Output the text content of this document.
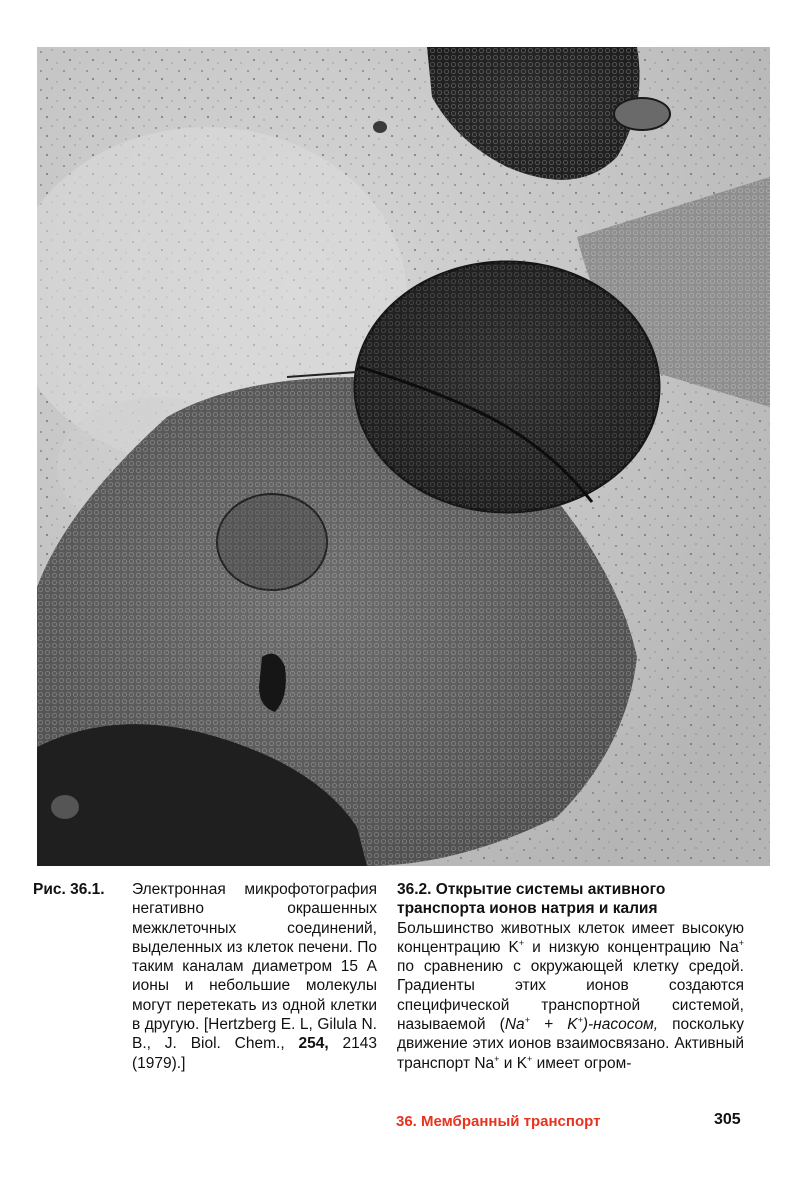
Рис. 36.1. Электронная микрофотография негативно окрашенных межклеточных соединений, выделенных из клеток печени. По таким каналам диаметром 15 А ионы и небольшие молекулы могут перетекать из одной клетки в другую. [Hertzberg E. L, Gilula N. B., J. Biol. Chem., 254, 2143 (1979).]

36.2. Открытие системы активного транспорта ионов натрия и калия

Большинство животных клеток имеет высокую концентрацию K+ и низкую концентрацию Na+ по сравнению с окружающей клетку средой. Градиенты этих ионов создаются специфической транспортной системой, называемой (Na+ + K+)-насосом, поскольку движение этих ионов взаимосвязано. Активный транспорт Na+ и K+ имеет огром-

36. Мембранный транспорт	305
